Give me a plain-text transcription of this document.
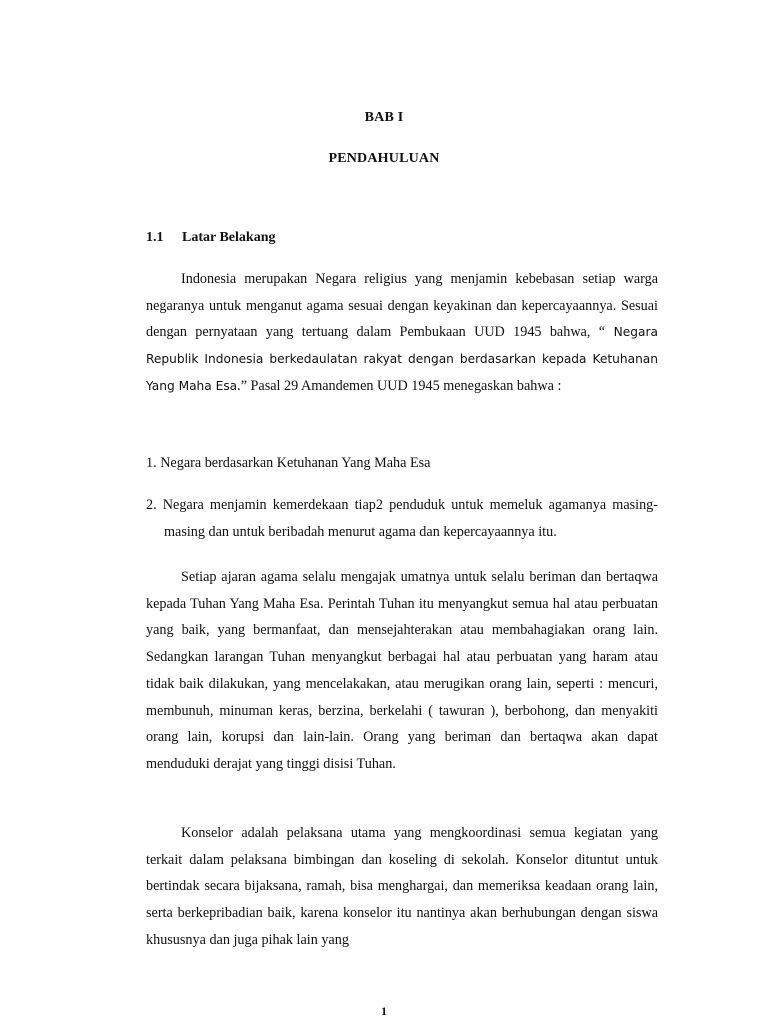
BAB I
PENDAHULUAN
1.1 Latar Belakang
Indonesia merupakan Negara religius yang menjamin kebebasan setiap warga negaranya untuk menganut agama sesuai dengan keyakinan dan kepercayaannya. Sesuai dengan pernyataan yang tertuang dalam Pembukaan UUD 1945 bahwa, “ Negara Republik Indonesia berkedaulatan rakyat dengan berdasarkan kepada Ketuhanan Yang Maha Esa.” Pasal 29 Amandemen UUD 1945 menegaskan bahwa :
1. Negara berdasarkan Ketuhanan Yang Maha Esa
2. Negara menjamin kemerdekaan tiap2 penduduk untuk memeluk agamanya masing-masing dan untuk beribadah menurut agama dan kepercayaannya itu.
Setiap ajaran agama selalu mengajak umatnya untuk selalu beriman dan bertaqwa kepada Tuhan Yang Maha Esa. Perintah Tuhan itu menyangkut semua hal atau perbuatan yang baik, yang bermanfaat, dan mensejahterakan atau membahagiakan orang lain. Sedangkan larangan Tuhan menyangkut berbagai hal atau perbuatan yang haram atau tidak baik dilakukan, yang mencelakakan, atau merugikan orang lain, seperti : mencuri, membunuh, minuman keras, berzina, berkelahi ( tawuran ), berbohong, dan menyakiti orang lain, korupsi dan lain-lain. Orang yang beriman dan bertaqwa akan dapat menduduki derajat yang tinggi disisi Tuhan.
Konselor adalah pelaksana utama yang mengkoordinasi semua kegiatan yang terkait dalam pelaksana bimbingan dan koseling di sekolah. Konselor dituntut untuk bertindak secara bijaksana, ramah, bisa menghargai, dan memeriksa keadaan orang lain, serta berkepribadian baik, karena konselor itu nantinya akan berhubungan dengan siswa khususnya dan juga pihak lain yang
1
